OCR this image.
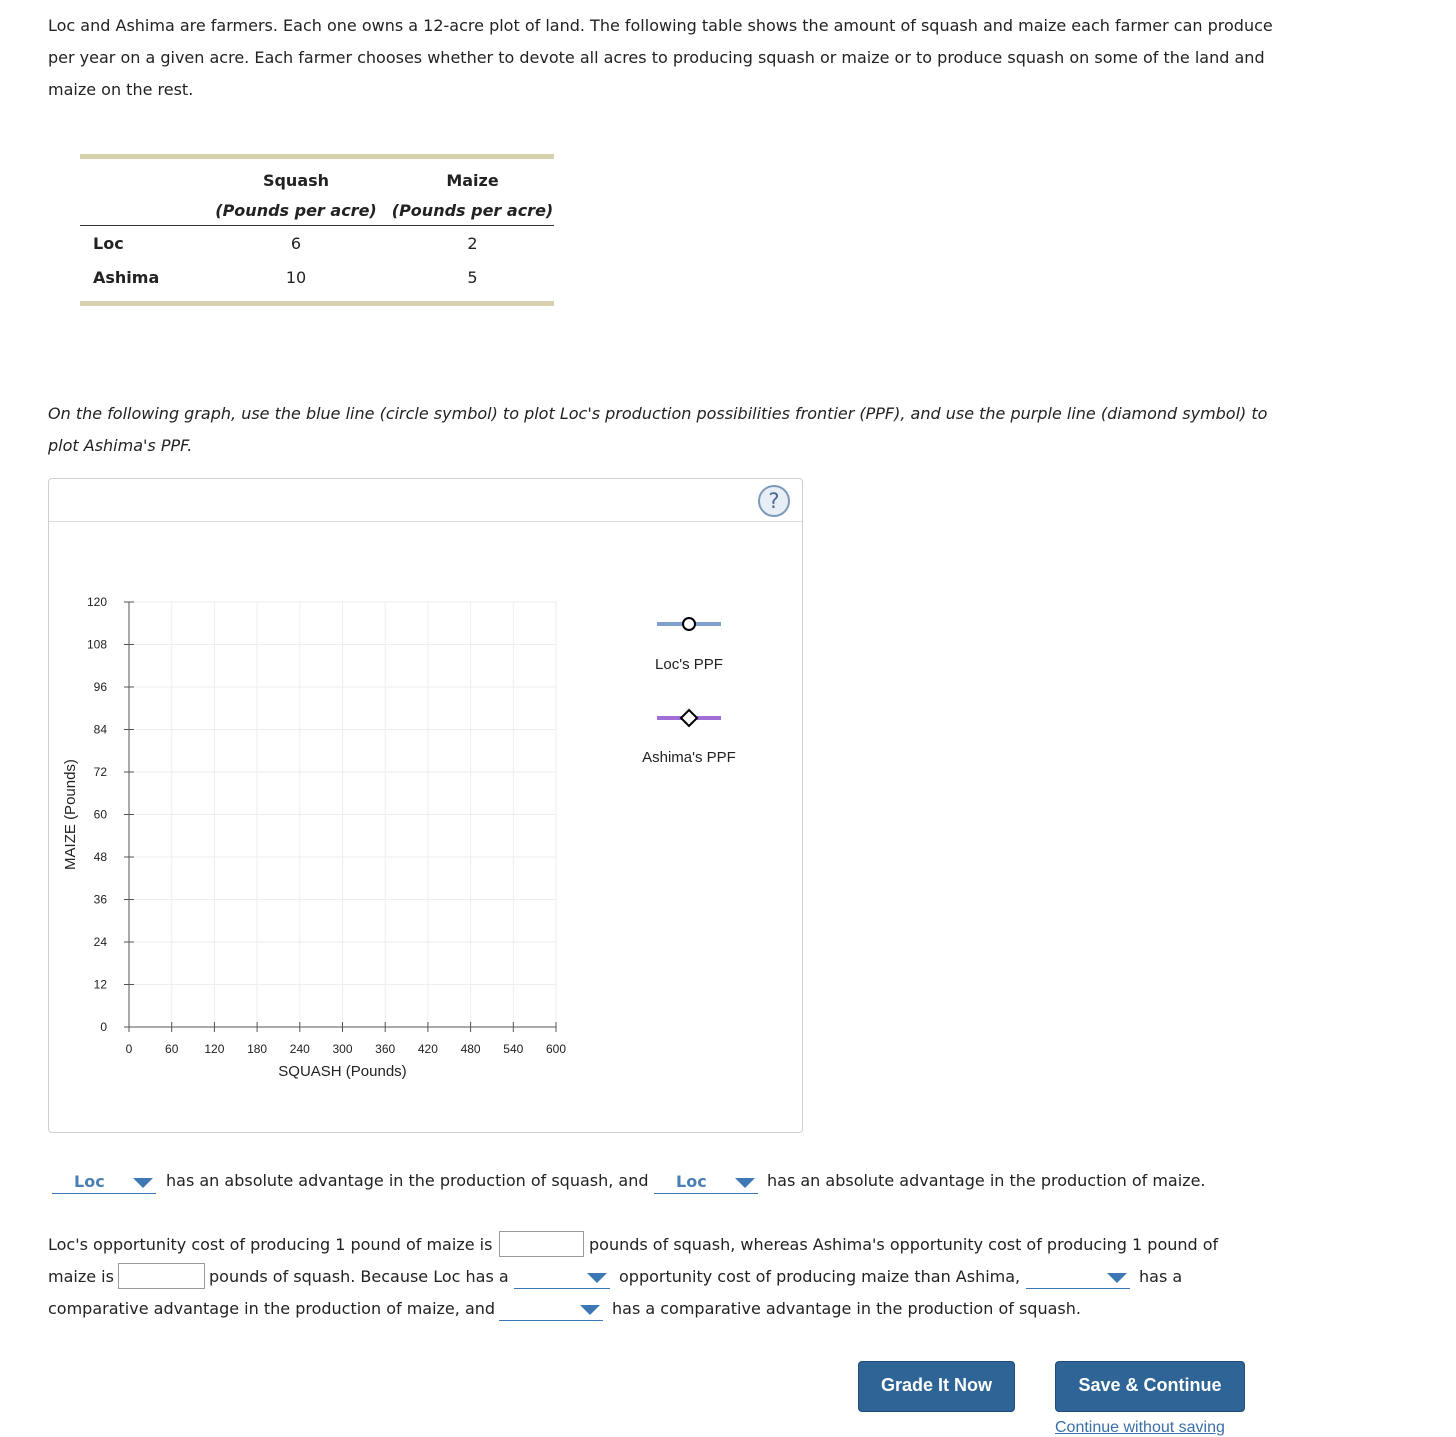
Loc and Ashima are farmers. Each one owns a 12-acre plot of land. The following table shows the amount of squash and maize each farmer can produce per year on a given acre. Each farmer chooses whether to devote all acres to producing squash or maize or to produce squash on some of the land and maize on the rest.

	Squash	Maize
	(Pounds per acre)	(Pounds per acre)
Loc	6	2
Ashima	10	5

On the following graph, use the blue line (circle symbol) to plot Loc's production possibilities frontier (PPF), and use the purple line (diamond symbol) to plot Ashima's PPF.

?
0
12
24
36
48
60
72
84
96
108
120
0	60 120 180 240 300 360 420 480 540 600
SQUASH (Pounds)
MAIZE (Pounds)
Loc's PPF
Ashima's PPF
Loc	has an absolute advantage in the production of squash, and Loc	has an absolute advantage in the production of maize.
Loc's opportunity cost of producing 1 pound of maize is	pounds of squash, whereas Ashima's opportunity cost of producing 1 pound of
maize is	pounds of squash. Because Loc has a	opportunity cost of producing maize than Ashima,	has a
comparative advantage in the production of maize, and	has a comparative advantage in the production of squash.
Grade It Now	Save & Continue
Continue without saving
